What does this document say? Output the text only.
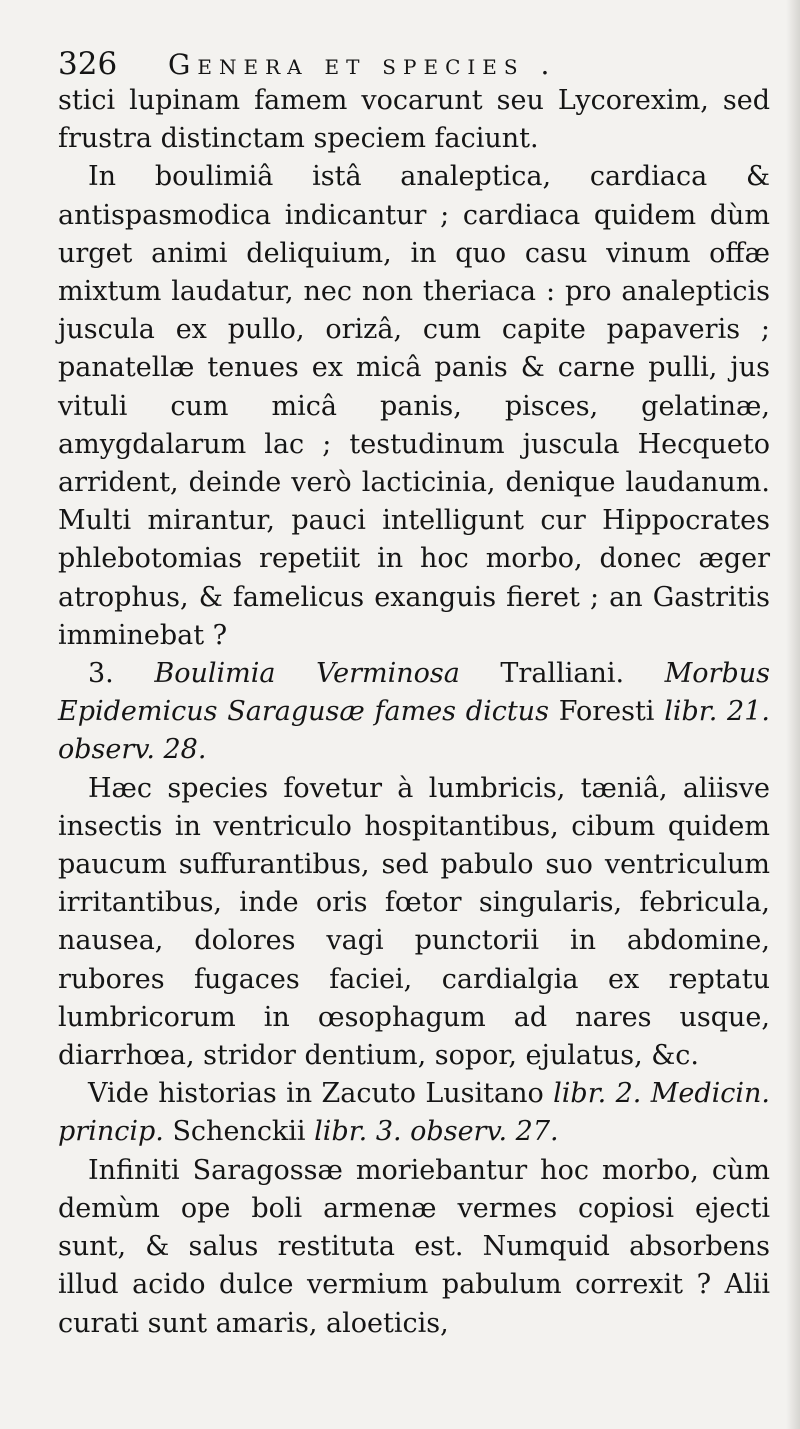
326 Genera et species .

stici lupinam famem vocarunt seu Lycorexim, sed frustra distinctam speciem faciunt.

In boulimiâ istâ analeptica, cardiaca & antispasmodica indicantur ; cardiaca quidem dùm urget animi deliquium, in quo casu vinum offæ mixtum laudatur, nec non theriaca : pro analepticis juscula ex pullo, orizâ, cum capite papaveris ; panatellæ tenues ex micâ panis & carne pulli, jus vituli cum micâ panis, pisces, gelatinæ, amygdalarum lac ; testudinum juscula Hecqueto arrident, deinde verò lacticinia, denique laudanum. Multi mirantur, pauci intelligunt cur Hippocrates phlebotomias repetiit in hoc morbo, donec æger atrophus, & famelicus exanguis fieret ; an Gastritis imminebat ?

3. Boulimia Verminosa Tralliani. Morbus Epidemicus Saragusæ fames dictus Foresti libr. 21. observ. 28.

Hæc species fovetur à lumbricis, tæniâ, aliisve insectis in ventriculo hospitantibus, cibum quidem paucum suffurantibus, sed pabulo suo ventriculum irritantibus, inde oris fœtor singularis, febricula, nausea, dolores vagi punctorii in abdomine, rubores fugaces faciei, cardialgia ex reptatu lumbricorum in œsophagum ad nares usque, diarrhœa, stridor dentium, sopor, ejulatus, &c.

Vide historias in Zacuto Lusitano libr. 2. Medicin. princip. Schenckii libr. 3. observ. 27.

Infiniti Saragossæ moriebantur hoc morbo, cùm demùm ope boli armenæ vermes copiosi ejecti sunt, & salus restituta est. Numquid absorbens illud acido dulce vermium pabulum correxit ? Alii curati sunt amaris, aloeticis,
